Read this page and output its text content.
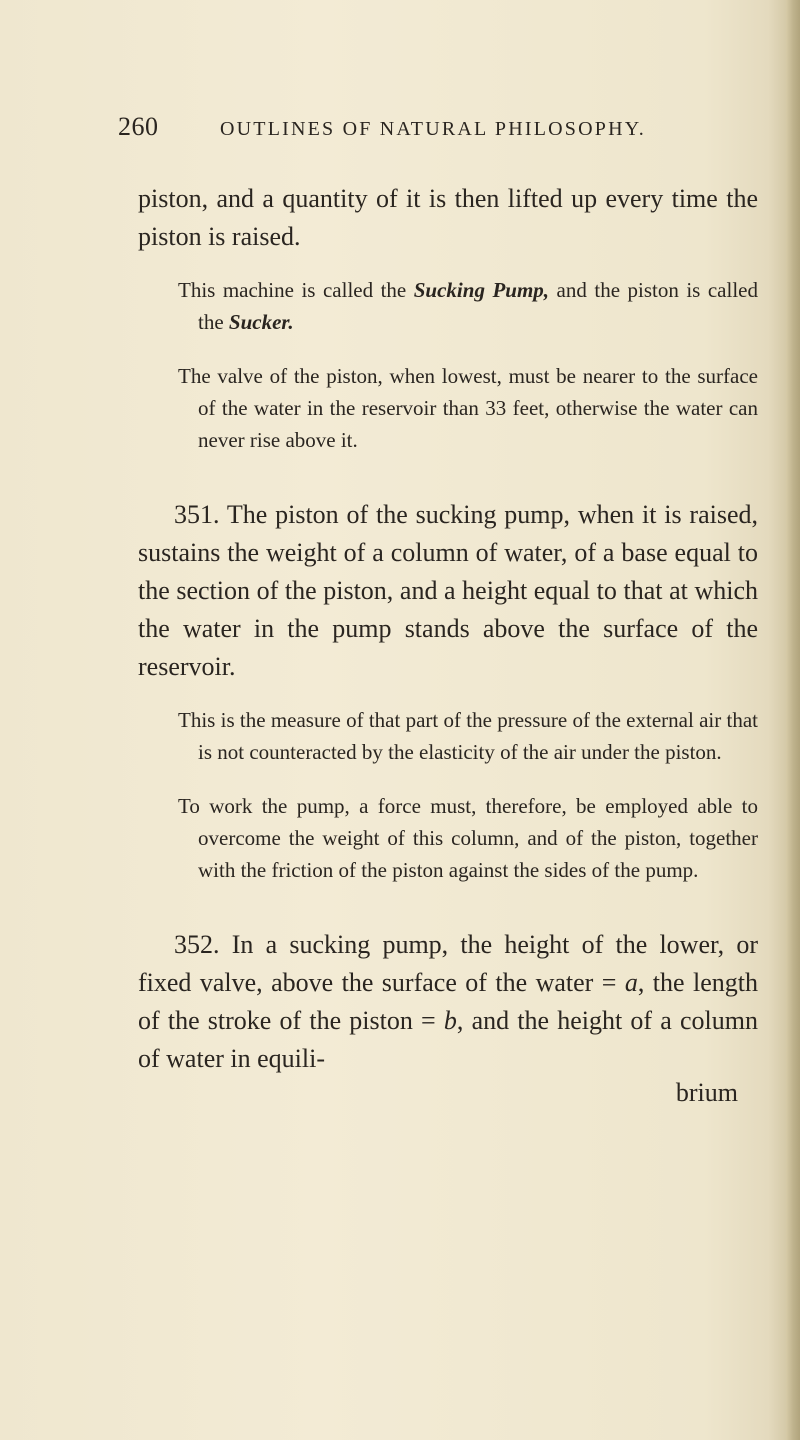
260	OUTLINES OF NATURAL PHILOSOPHY.

piston, and a quantity of it is then lifted up every time the piston is raised.

This machine is called the Sucking Pump, and the piston is called the Sucker.

The valve of the piston, when lowest, must be nearer to the surface of the water in the reservoir than 33 feet, otherwise the water can never rise above it.

351. The piston of the sucking pump, when it is raised, sustains the weight of a column of water, of a base equal to the section of the piston, and a height equal to that at which the water in the pump stands above the surface of the reservoir.

This is the measure of that part of the pressure of the external air that is not counteracted by the elasticity of the air under the piston.

To work the pump, a force must, therefore, be employed able to overcome the weight of this column, and of the piston, together with the friction of the piston against the sides of the pump.

352. In a sucking pump, the height of the lower, or fixed valve, above the surface of the water = a, the length of the stroke of the piston = b, and the height of a column of water in equili-

brium
